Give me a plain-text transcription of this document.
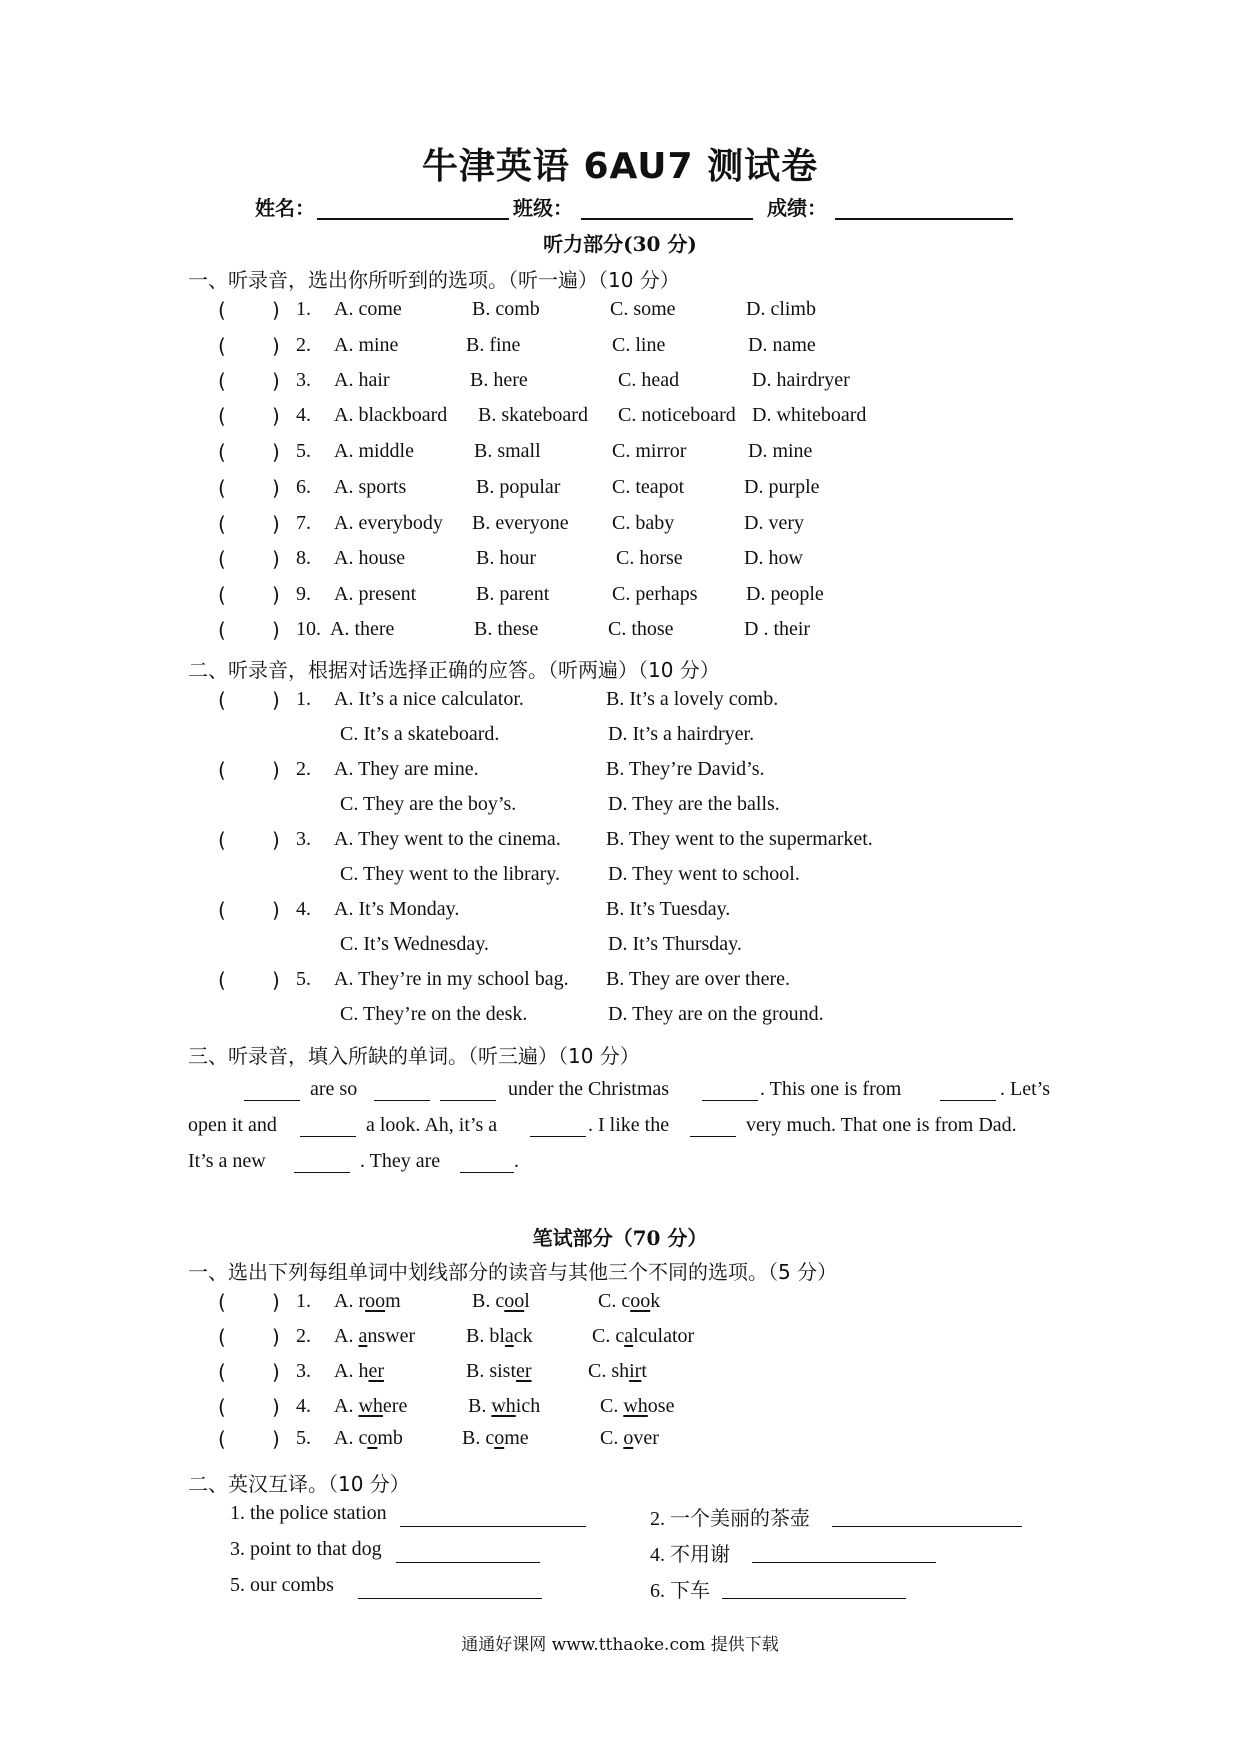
牛津英语 6AU7 测试卷
姓名：	班级：	成绩：
听力部分(30 分)
一、听录音，选出你所听到的选项。（听一遍）（10 分）
( ) 1. A. come	B. comb	C. some	D. climb
( ) 2. A. mine	B. fine	C. line	D. name
( ) 3. A. hair	B. here	C. head	D. hairdryer
( ) 4. A. blackboard B. skateboard C. noticeboard D. whiteboard
( ) 5. A. middle	B. small	C. mirror	D. mine
( ) 6. A. sports	B. popular	C. teapot	D. purple
( ) 7. A. everybody B. everyone C. baby	D. very
( ) 8. A. house	B. hour	C. horse	D. how
( ) 9. A. present	B. parent	C. perhaps D. people
( ) 10. A. there	B. these	C. those	D . their
二、听录音，根据对话选择正确的应答。（听两遍）（10 分）
( ) 1. A. It’s a nice calculator.	B. It’s a lovely comb.
C. It’s a skateboard.	D. It’s a hairdryer.
( ) 2. A. They are mine.	B. They’re David’s.
C. They are the boy’s.	D. They are the balls.
( ) 3. A. They went to the cinema. B. They went to the supermarket.
C. They went to the library. D. They went to school.
( ) 4. A. It’s Monday.	B. It’s Tuesday.
C. It’s Wednesday.	D. It’s Thursday.
( ) 5. A. They’re in my school bag. B. They are over there.
C. They’re on the desk.	D. They are on the ground.
三、听录音，填入所缺的单词。（听三遍）（10 分）
are so	under the Christmas	. This one is from	. Let’s
open it and	a look. Ah, it’s a	. I like the	very much. That one is from Dad.
It’s a new	. They are	.
笔试部分（70 分）
一、选出下列每组单词中划线部分的读音与其他三个不同的选项。（5 分）
( ) 1. A. room	B. cool	C. cook
( ) 2. A. answer	B. black	C. calculator
( ) 3. A. her	B. sister	C. shirt
( ) 4. A. where	B. which	C. whose
( ) 5. A. comb	B. come	C. over
二、英汉互译。（10 分）
1. the police station	2. 一个美丽的茶壶
3. point to that dog	4. 不用谢
5. our combs	6. 下车
通通好课网 www.tthaoke.com 提供下载
